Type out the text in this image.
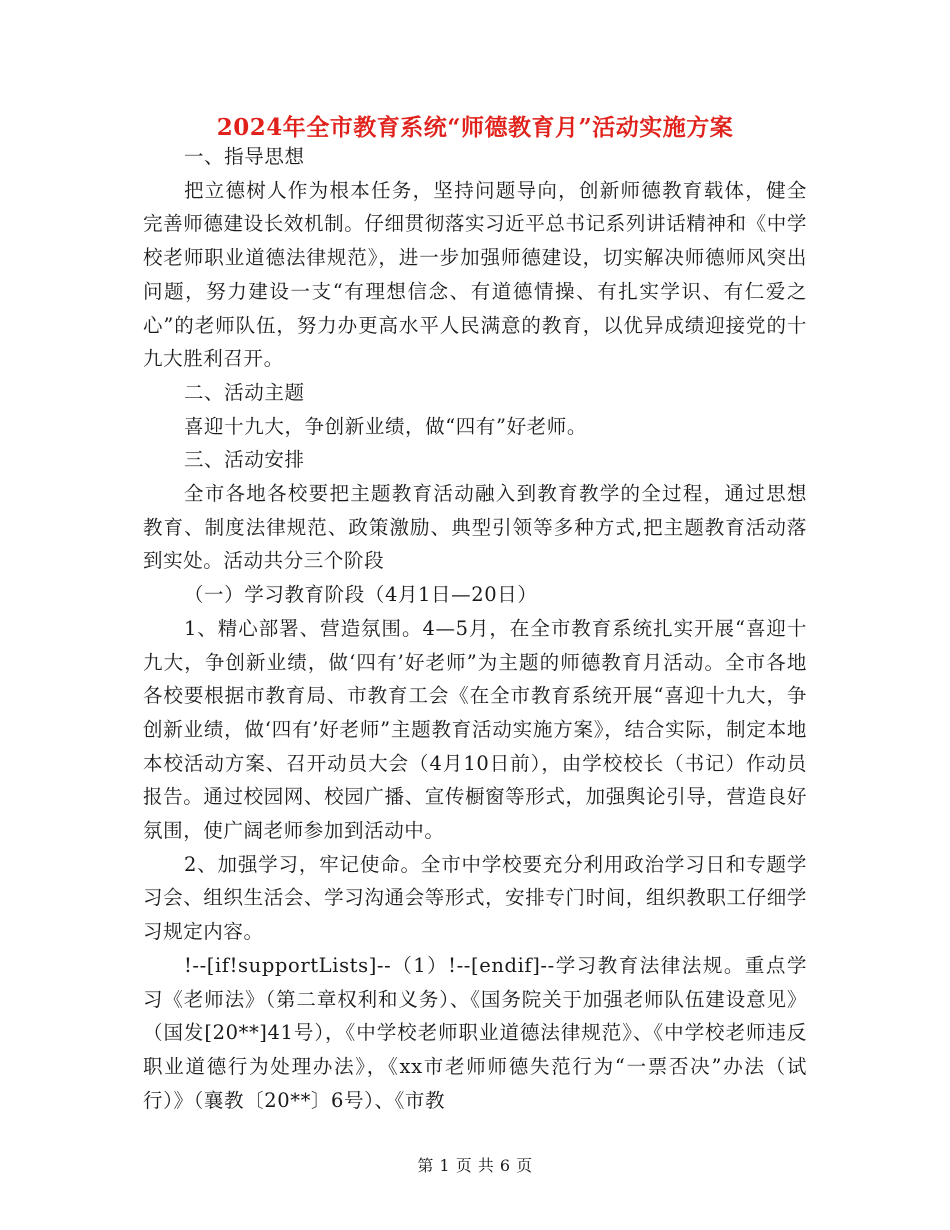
2024年全市教育系统“师德教育月”活动实施方案

一、指导思想

把立德树人作为根本任务，坚持问题导向，创新师德教育载体，健全完善师德建设长效机制。仔细贯彻落实习近平总书记系列讲话精神和《中学校老师职业道德法律规范》，进一步加强师德建设，切实解决师德师风突出问题，努力建设一支“有理想信念、有道德情操、有扎实学识、有仁爱之心”的老师队伍，努力办更高水平人民满意的教育，以优异成绩迎接党的十九大胜利召开。

二、活动主题

喜迎十九大，争创新业绩，做“四有”好老师。

三、活动安排

全市各地各校要把主题教育活动融入到教育教学的全过程，通过思想教育、制度法律规范、政策激励、典型引领等多种方式,把主题教育活动落到实处。活动共分三个阶段

（一）学习教育阶段（4月1日—20日）

1、精心部署、营造氛围。4—5月，在全市教育系统扎实开展“喜迎十九大，争创新业绩，做‘四有’好老师”为主题的师德教育月活动。全市各地各校要根据市教育局、市教育工会《在全市教育系统开展“喜迎十九大，争创新业绩，做‘四有’好老师”主题教育活动实施方案》，结合实际，制定本地本校活动方案、召开动员大会（4月10日前），由学校校长（书记）作动员报告。通过校园网、校园广播、宣传橱窗等形式，加强舆论引导，营造良好氛围，使广阔老师参加到活动中。

2、加强学习，牢记使命。全市中学校要充分利用政治学习日和专题学习会、组织生活会、学习沟通会等形式，安排专门时间，组织教职工仔细学习规定内容。

!--[if!supportLists]--（1）!--[endif]--学习教育法律法规。重点学习《老师法》（第二章权利和义务）、《国务院关于加强老师队伍建设意见》（国发[20**]41号），《中学校老师职业道德法律规范》、《中学校老师违反职业道德行为处理办法》，《xx市老师师德失范行为“一票否决”办法（试行）》（襄教〔20**〕6号）、《市教

第 1 页 共 6 页
